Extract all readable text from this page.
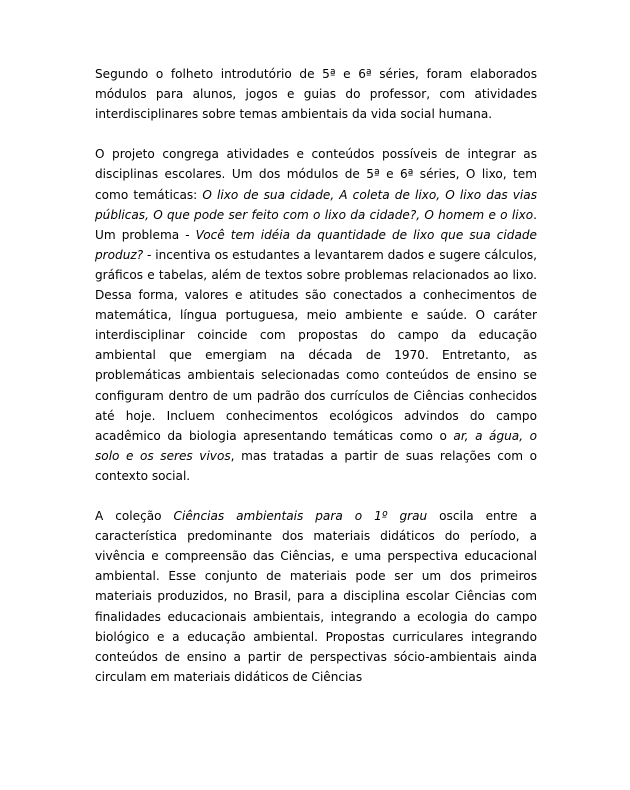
Segundo o folheto introdutório de 5ª e 6ª séries, foram elaborados módulos para alunos, jogos e guias do professor, com atividades interdisciplinares sobre temas ambientais da vida social humana.

O projeto congrega atividades e conteúdos possíveis de integrar as disciplinas escolares. Um dos módulos de 5ª e 6ª séries, O lixo, tem como temáticas: O lixo de sua cidade, A coleta de lixo, O lixo das vias públicas, O que pode ser feito com o lixo da cidade?, O homem e o lixo. Um problema - Você tem idéia da quantidade de lixo que sua cidade produz? - incentiva os estudantes a levantarem dados e sugere cálculos, gráficos e tabelas, além de textos sobre problemas relacionados ao lixo. Dessa forma, valores e atitudes são conectados a conhecimentos de matemática, língua portuguesa, meio ambiente e saúde. O caráter interdisciplinar coincide com propostas do campo da educação ambiental que emergiam na década de 1970. Entretanto, as problemáticas ambientais selecionadas como conteúdos de ensino se configuram dentro de um padrão dos currículos de Ciências conhecidos até hoje. Incluem conhecimentos ecológicos advindos do campo acadêmico da biologia apresentando temáticas como o ar, a água, o solo e os seres vivos, mas tratadas a partir de suas relações com o contexto social.

A coleção Ciências ambientais para o 1º grau oscila entre a característica predominante dos materiais didáticos do período, a vivência e compreensão das Ciências, e uma perspectiva educacional ambiental. Esse conjunto de materiais pode ser um dos primeiros materiais produzidos, no Brasil, para a disciplina escolar Ciências com finalidades educacionais ambientais, integrando a ecologia do campo biológico e a educação ambiental. Propostas curriculares integrando conteúdos de ensino a partir de perspectivas sócio-ambientais ainda circulam em materiais didáticos de Ciências
